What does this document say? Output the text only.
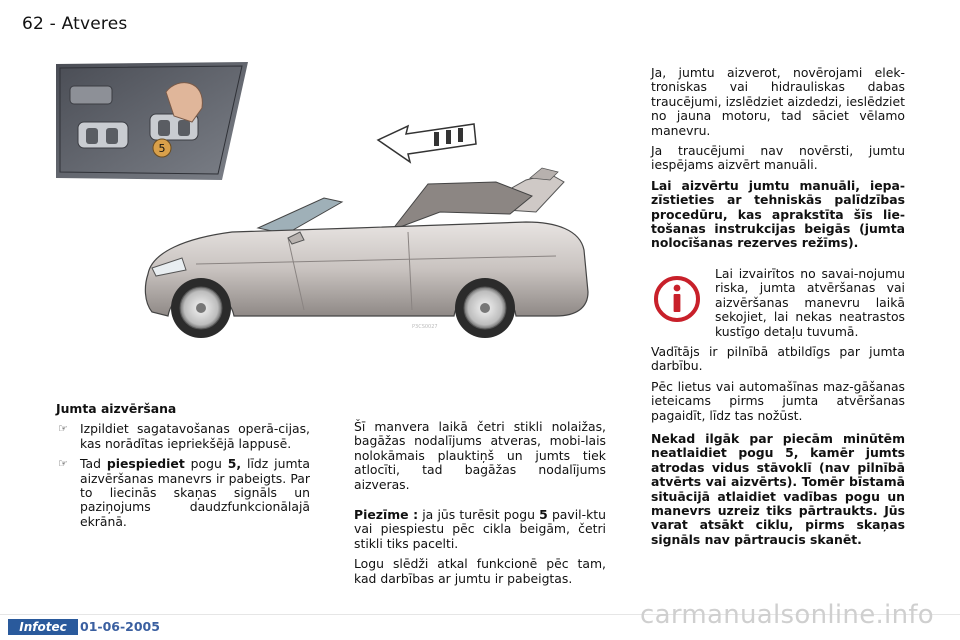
62 - Atveres
5
P3CS0027

Jumta aizvēršana

☞ Izpildiet sagatavošanas operā-cijas, kas norādītas iepriekšējā lappusē.
☞ Tad piespiediet pogu 5, līdz jumta aizvēršanas manevrs ir pabeigts. Par to liecinās skaņas signāls un paziņojums daudzfunkcionālajā ekrānā.

Šī manvera laikā četri stikli nolaižas, bagāžas nodalījums atveras, mobi-lais nolokāmais plauktiņš un jumts tiek atlocīti, tad bagāžas nodalījums aizveras.

Piezīme : ja jūs turēsit pogu 5 pavil-ktu vai piespiestu pēc cikla beigām, četri stikli tiks pacelti.

Logu slēdži atkal funkcionē pēc tam, kad darbības ar jumtu ir pabeigtas.

Ja, jumtu aizverot, novērojami elek-troniskas vai hidrauliskas dabas traucējumi, izslēdziet aizdedzi, ieslēdziet no jauna motoru, tad sāciet vēlamo manevru.

Ja traucējumi nav novērsti, jumtu iespējams aizvērt manuāli.

Lai aizvērtu jumtu manuāli, iepa-zīstieties ar tehniskās palīdzības procedūru, kas aprakstīta šīs lie-tošanas instrukcijas beigās (jumta nolocīšanas rezerves režīms).

Lai izvairītos no savai-nojumu riska, jumta atvēršanas vai aizvēršanas manevru laikā sekojiet, lai nekas neatrastos kustīgo detaļu tuvumā.

Vadītājs ir pilnībā atbildīgs par jumta darbību.

Pēc lietus vai automašīnas maz-gāšanas ieteicams pirms jumta atvēršanas pagaidīt, līdz tas nožūst.

Nekad ilgāk par piecām minūtēm neatlaidiet pogu 5, kamēr jumts atrodas vidus stāvoklī (nav pilnībā atvērts vai aizvērts). Tomēr bīstamā situācijā atlaidiet vadības pogu un manevrs uzreiz tiks pārtraukts. Jūs varat atsākt ciklu, pirms skaņas signāls nav pārtraucis skanēt.

carmanualsonline.info
Infotec	01-06-2005
